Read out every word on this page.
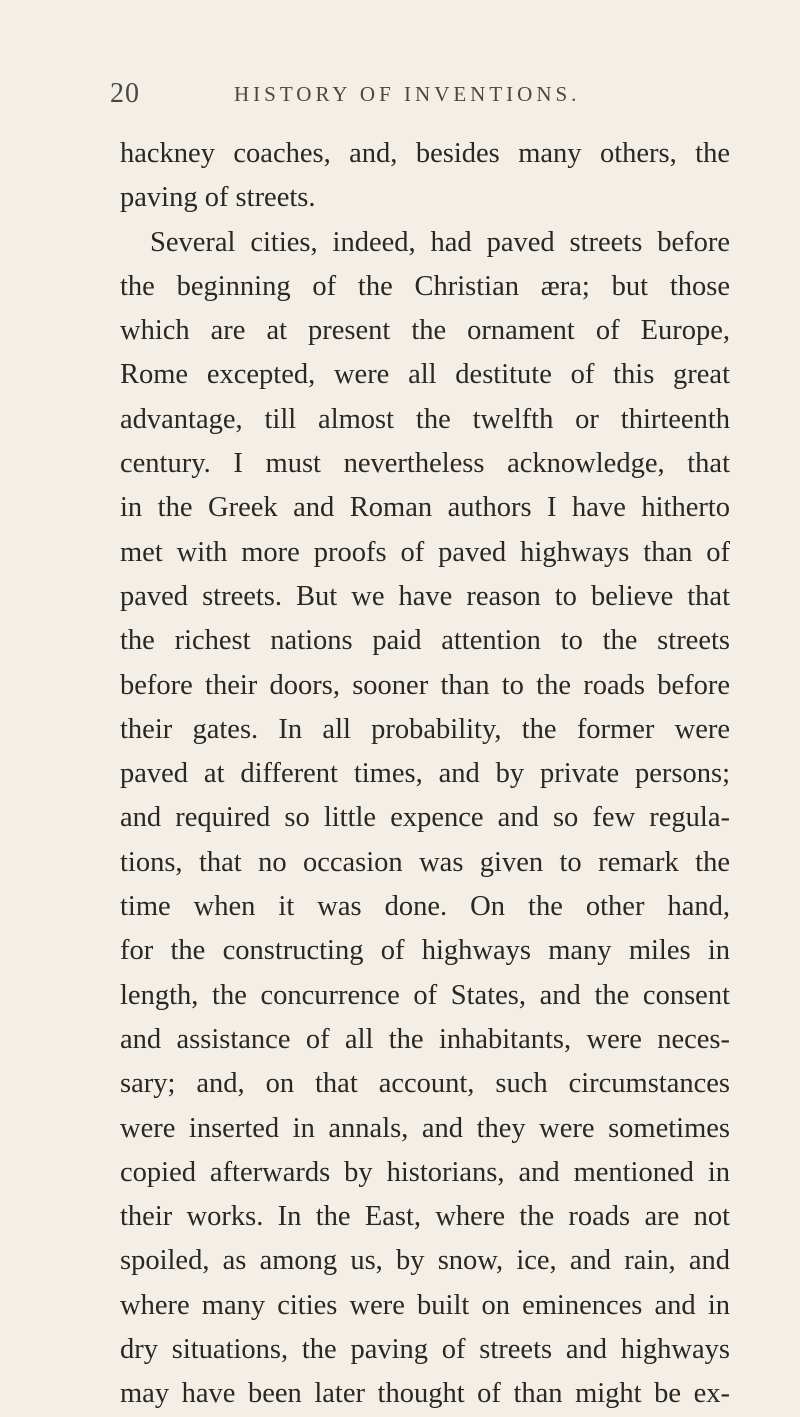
20	HISTORY OF INVENTIONS.
hackney coaches, and, besides many others, the
paving of streets.
Several cities, indeed, had paved streets before
the beginning of the Christian æra; but those
which are at present the ornament of Europe,
Rome excepted, were all destitute of this great
advantage, till almost the twelfth or thirteenth
century. I must nevertheless acknowledge, that
in the Greek and Roman authors I have hitherto
met with more proofs of paved highways than of
paved streets. But we have reason to believe that
the richest nations paid attention to the streets
before their doors, sooner than to the roads before
their gates. In all probability, the former were
paved at different times, and by private persons;
and required so little expence and so few regula-
tions, that no occasion was given to remark the
time when it was done. On the other hand,
for the constructing of highways many miles in
length, the concurrence of States, and the consent
and assistance of all the inhabitants, were neces-
sary; and, on that account, such circumstances
were inserted in annals, and they were sometimes
copied afterwards by historians, and mentioned in
their works. In the East, where the roads are not
spoiled, as among us, by snow, ice, and rain, and
where many cities were built on eminences and in
dry situations, the paving of streets and highways
may have been later thought of than might be ex-
